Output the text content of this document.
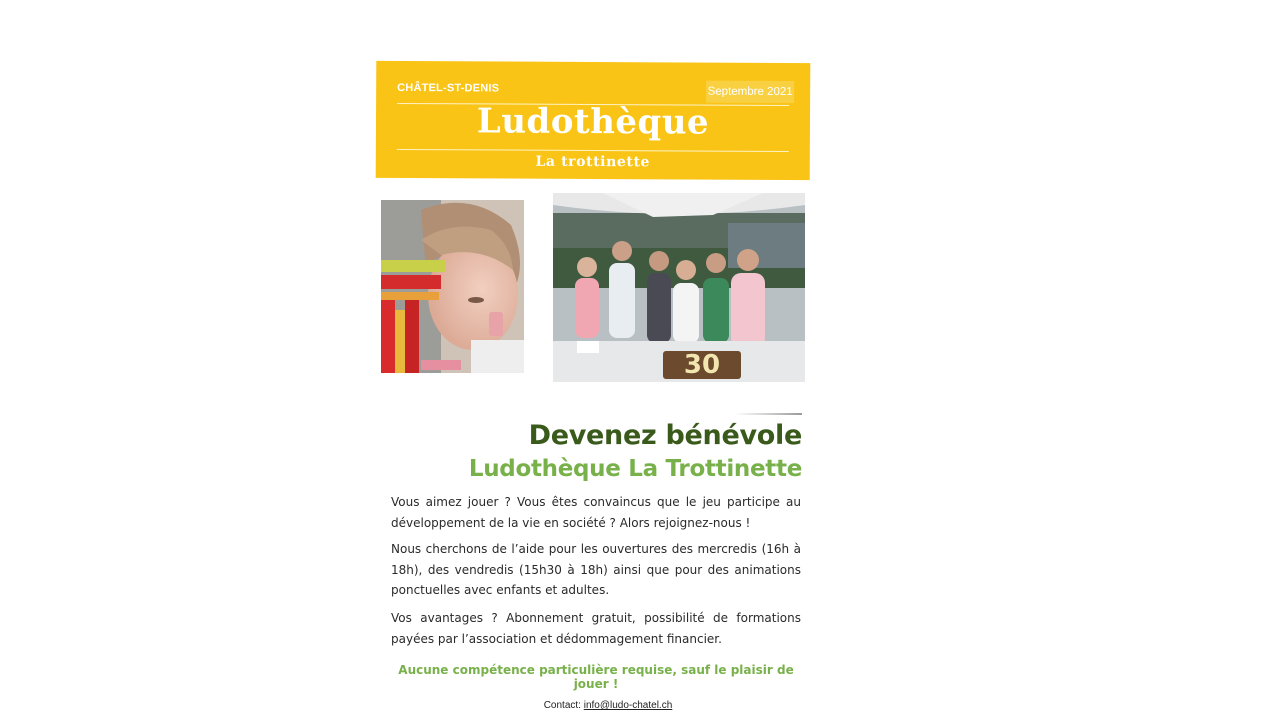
CHÂTEL-ST-DENIS	Septembre 2021
Ludothèque
La trottinette
30
Devenez bénévole
Ludothèque La Trottinette

Vous aimez jouer ? Vous êtes convaincus que le jeu participe au développement de la vie en société ? Alors rejoignez-nous !

Nous cherchons de l’aide pour les ouvertures des mercredis (16h à 18h), des vendredis (15h30 à 18h) ainsi que pour des animations ponctuelles avec enfants et adultes.

Vos avantages ? Abonnement gratuit, possibilité de formations payées par l’association et dédommagement financier.

Aucune compétence particulière requise, sauf le plaisir de jouer !
Contact: info@ludo-chatel.ch
